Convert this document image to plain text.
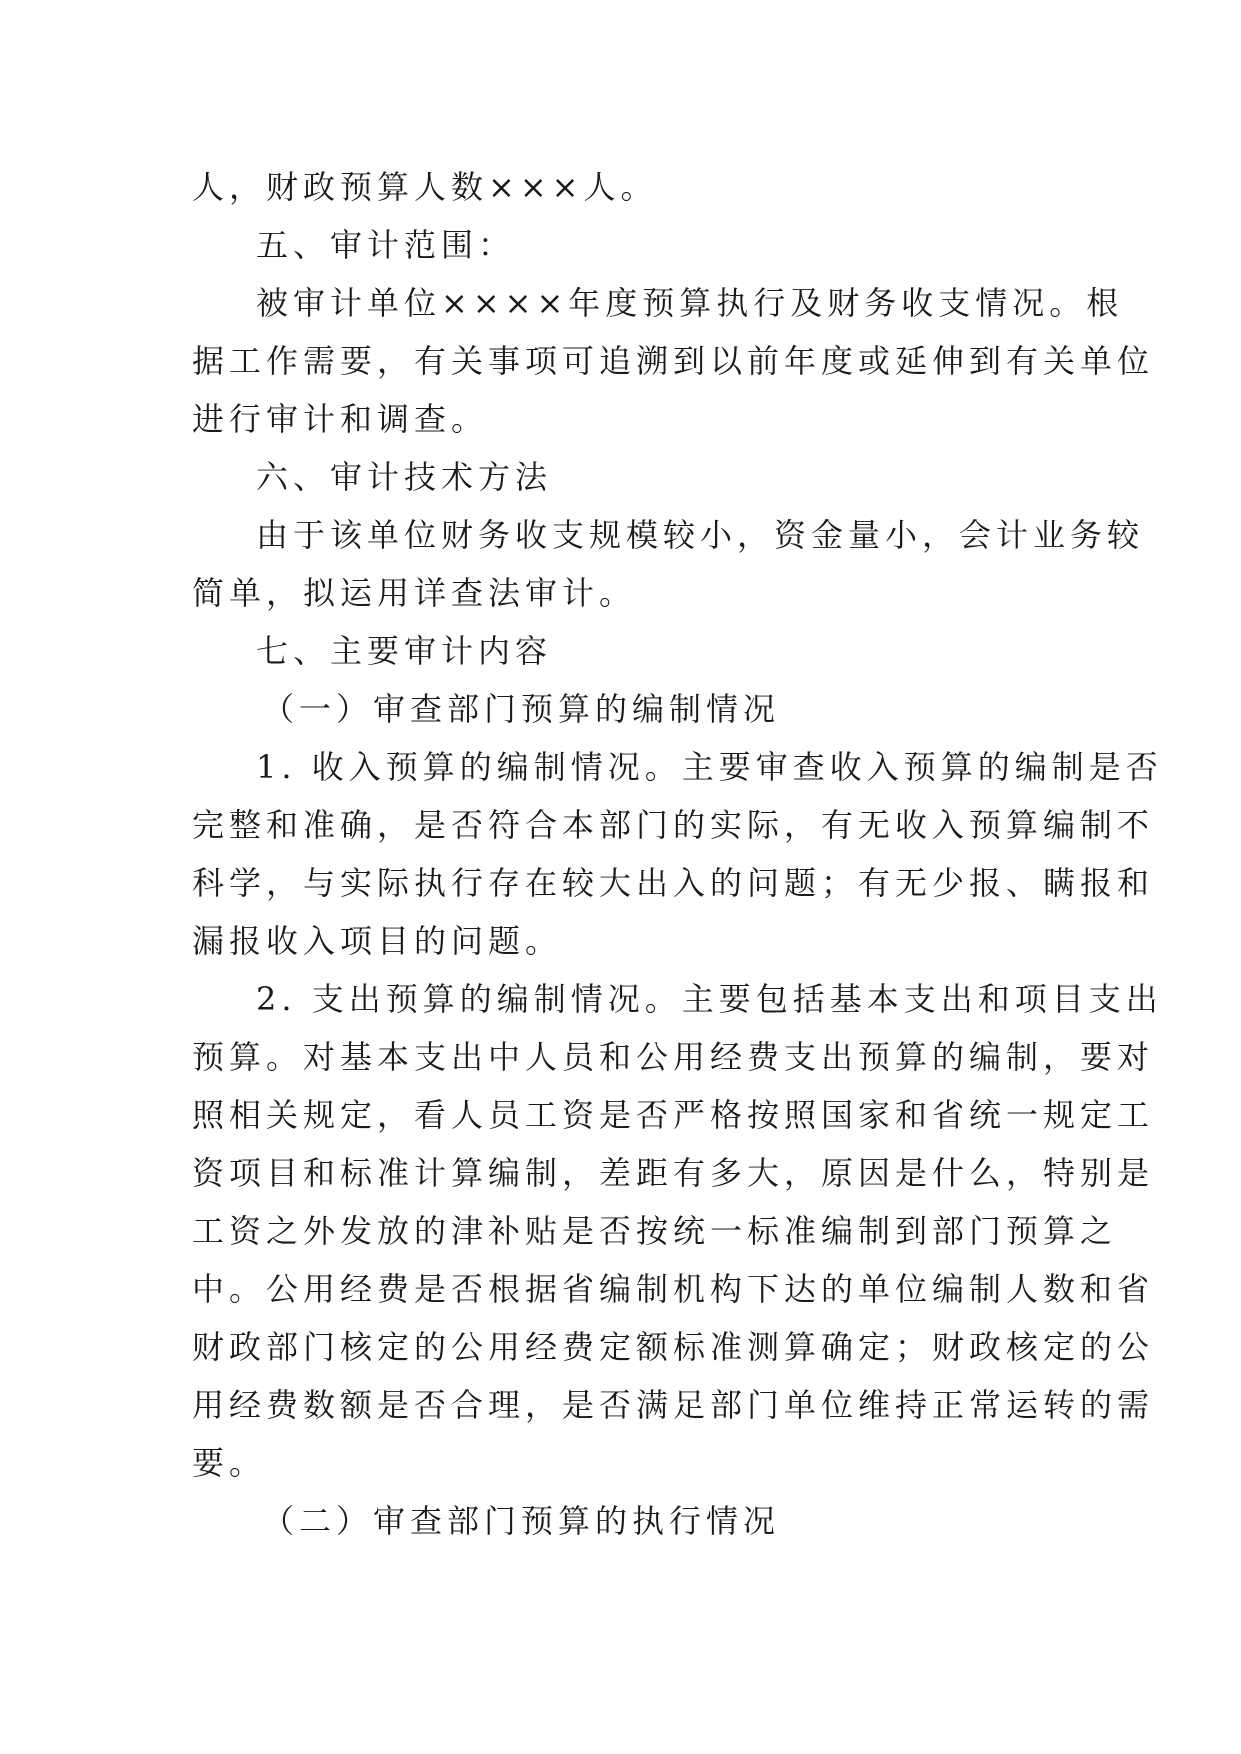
人，财政预算人数×××人。

五、审计范围：

被审计单位××××年度预算执行及财务收支情况。根

据工作需要，有关事项可追溯到以前年度或延伸到有关单位

进行审计和调查。

六、审计技术方法

由于该单位财务收支规模较小，资金量小，会计业务较

简单，拟运用详查法审计。

七、主要审计内容

（一）审查部门预算的编制情况

1. 收入预算的编制情况。主要审查收入预算的编制是否

完整和准确，是否符合本部门的实际，有无收入预算编制不

科学，与实际执行存在较大出入的问题；有无少报、瞒报和

漏报收入项目的问题。

2. 支出预算的编制情况。主要包括基本支出和项目支出

预算。对基本支出中人员和公用经费支出预算的编制，要对

照相关规定，看人员工资是否严格按照国家和省统一规定工

资项目和标准计算编制，差距有多大，原因是什么，特别是

工资之外发放的津补贴是否按统一标准编制到部门预算之

中。公用经费是否根据省编制机构下达的单位编制人数和省

财政部门核定的公用经费定额标准测算确定；财政核定的公

用经费数额是否合理，是否满足部门单位维持正常运转的需

要。

（二）审查部门预算的执行情况
